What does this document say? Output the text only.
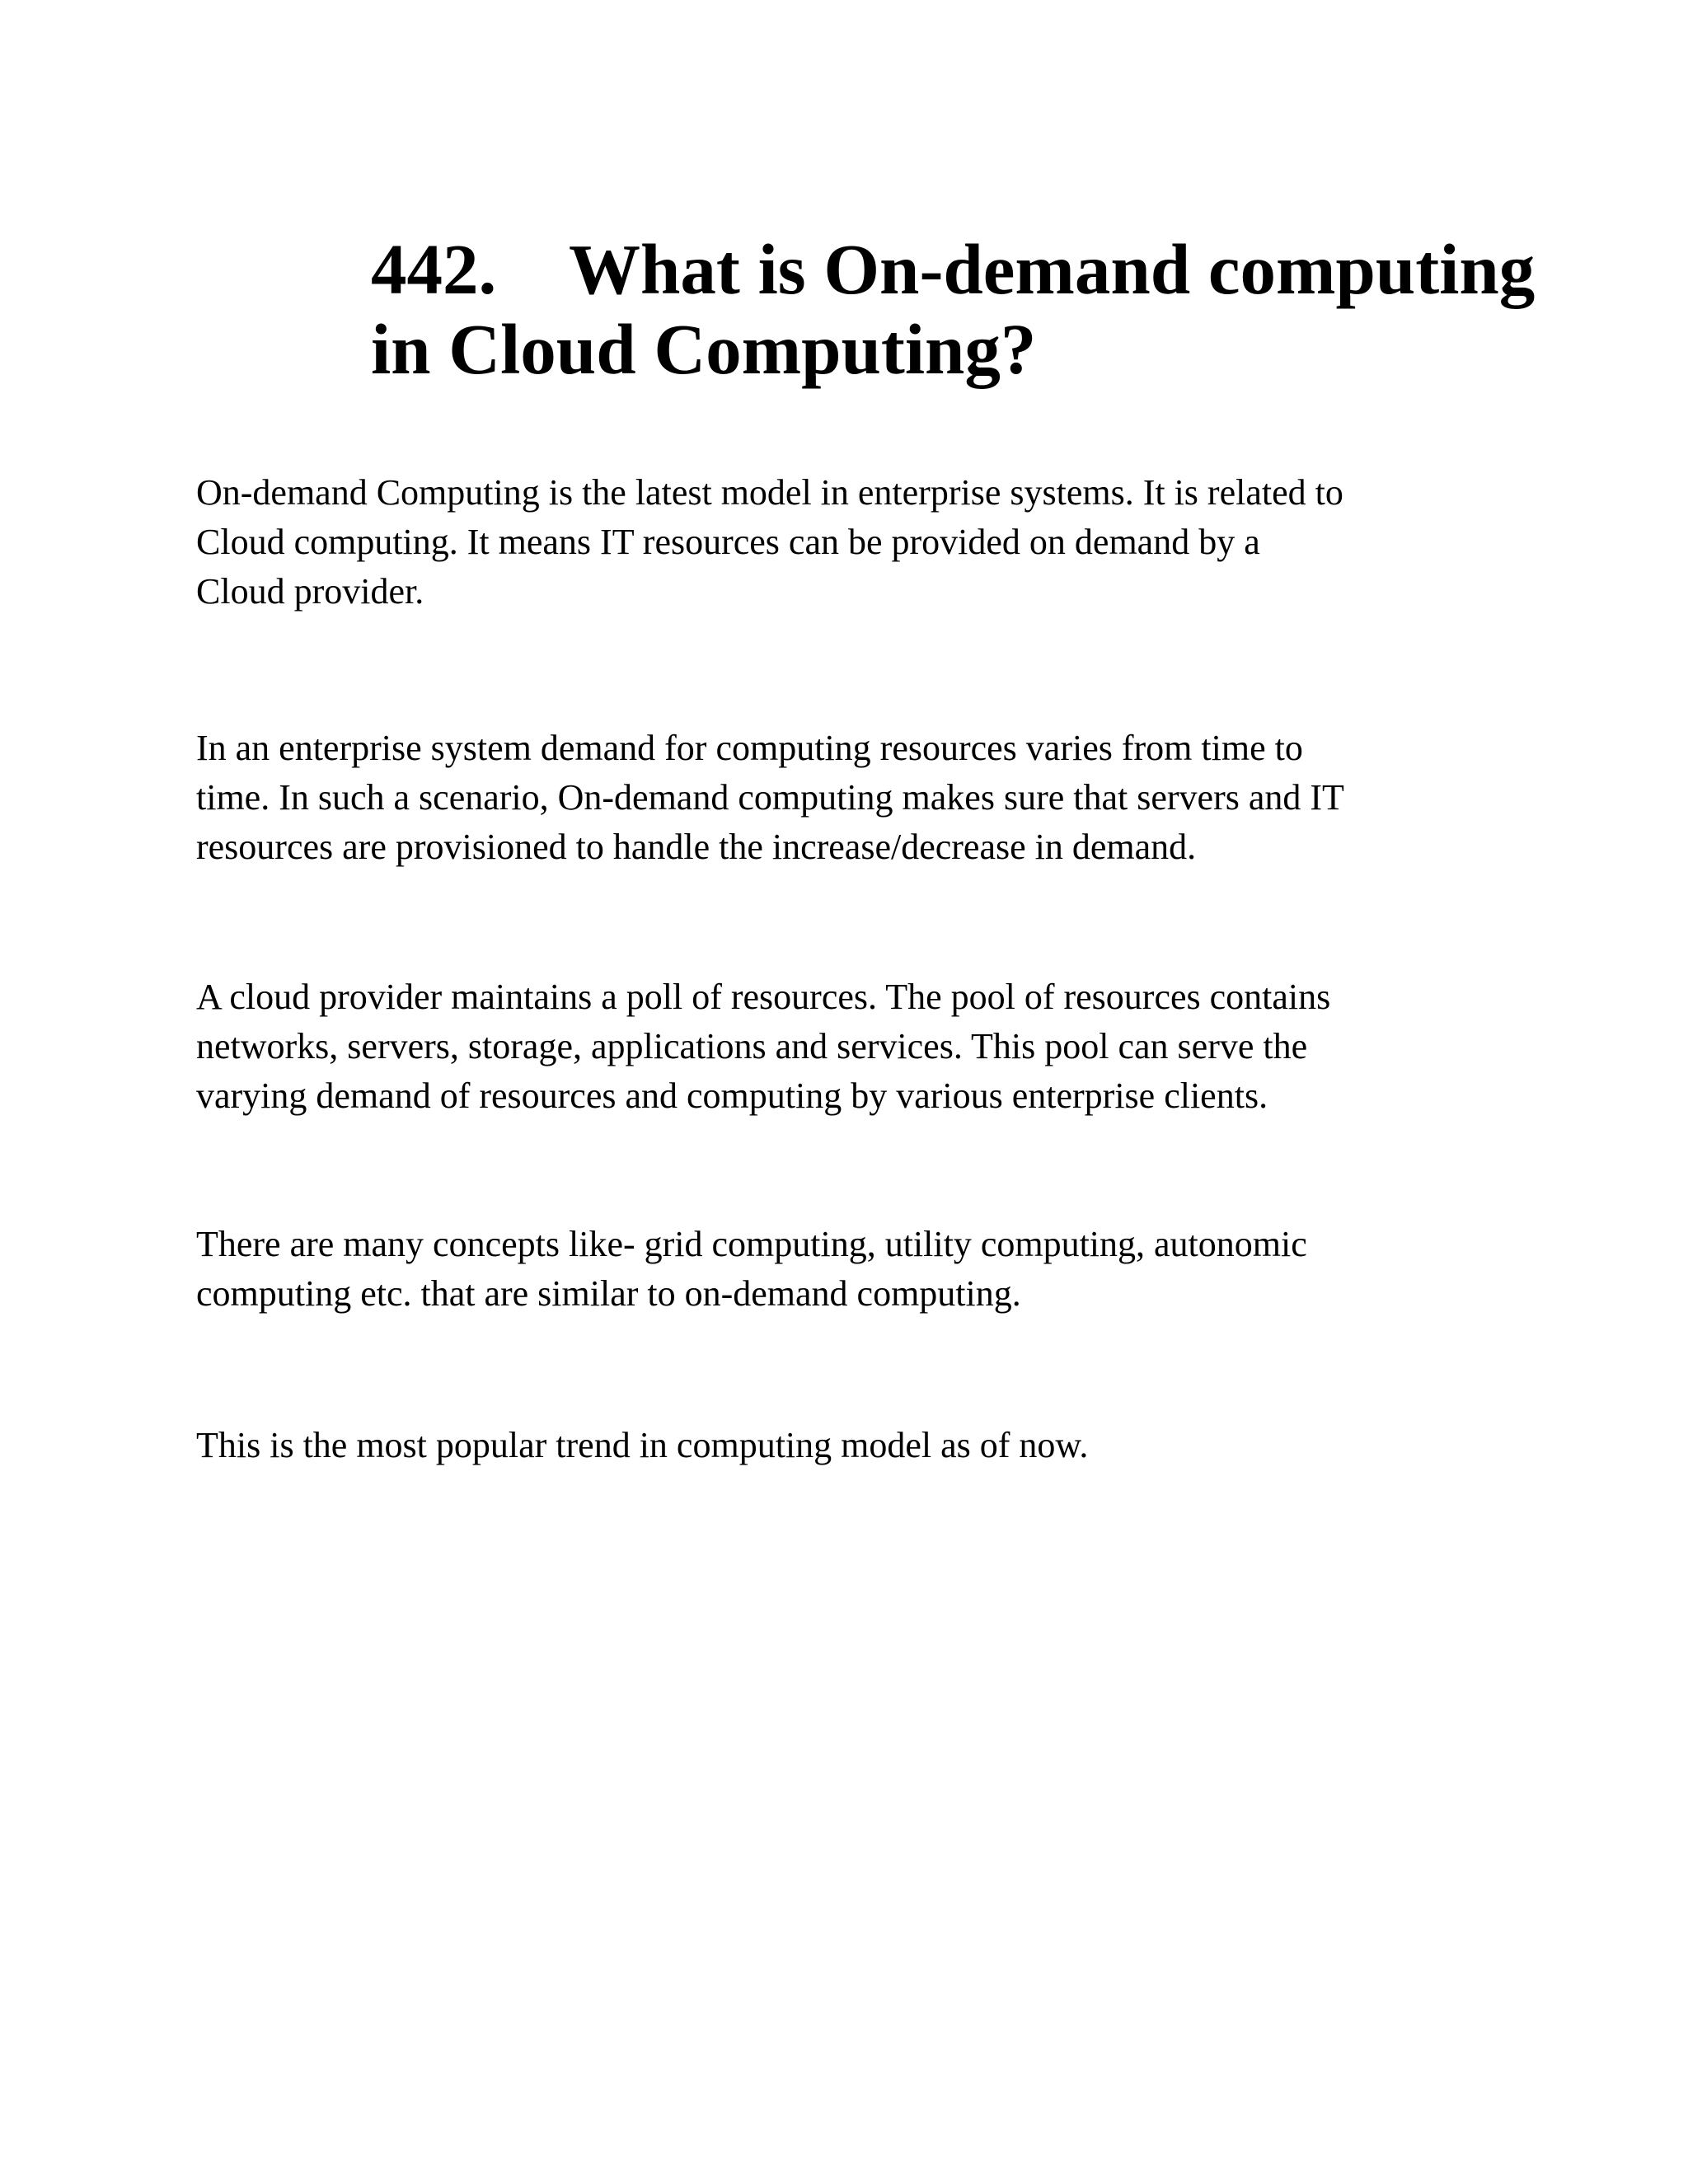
442. What is On-demand computing
in Cloud Computing?

On-demand Computing is the latest model in enterprise systems. It is related to
Cloud computing. It means IT resources can be provided on demand by a
Cloud provider.

In an enterprise system demand for computing resources varies from time to
time. In such a scenario, On-demand computing makes sure that servers and IT
resources are provisioned to handle the increase/decrease in demand.

A cloud provider maintains a poll of resources. The pool of resources contains
networks, servers, storage, applications and services. This pool can serve the
varying demand of resources and computing by various enterprise clients.

There are many concepts like- grid computing, utility computing, autonomic
computing etc. that are similar to on-demand computing.

This is the most popular trend in computing model as of now.
